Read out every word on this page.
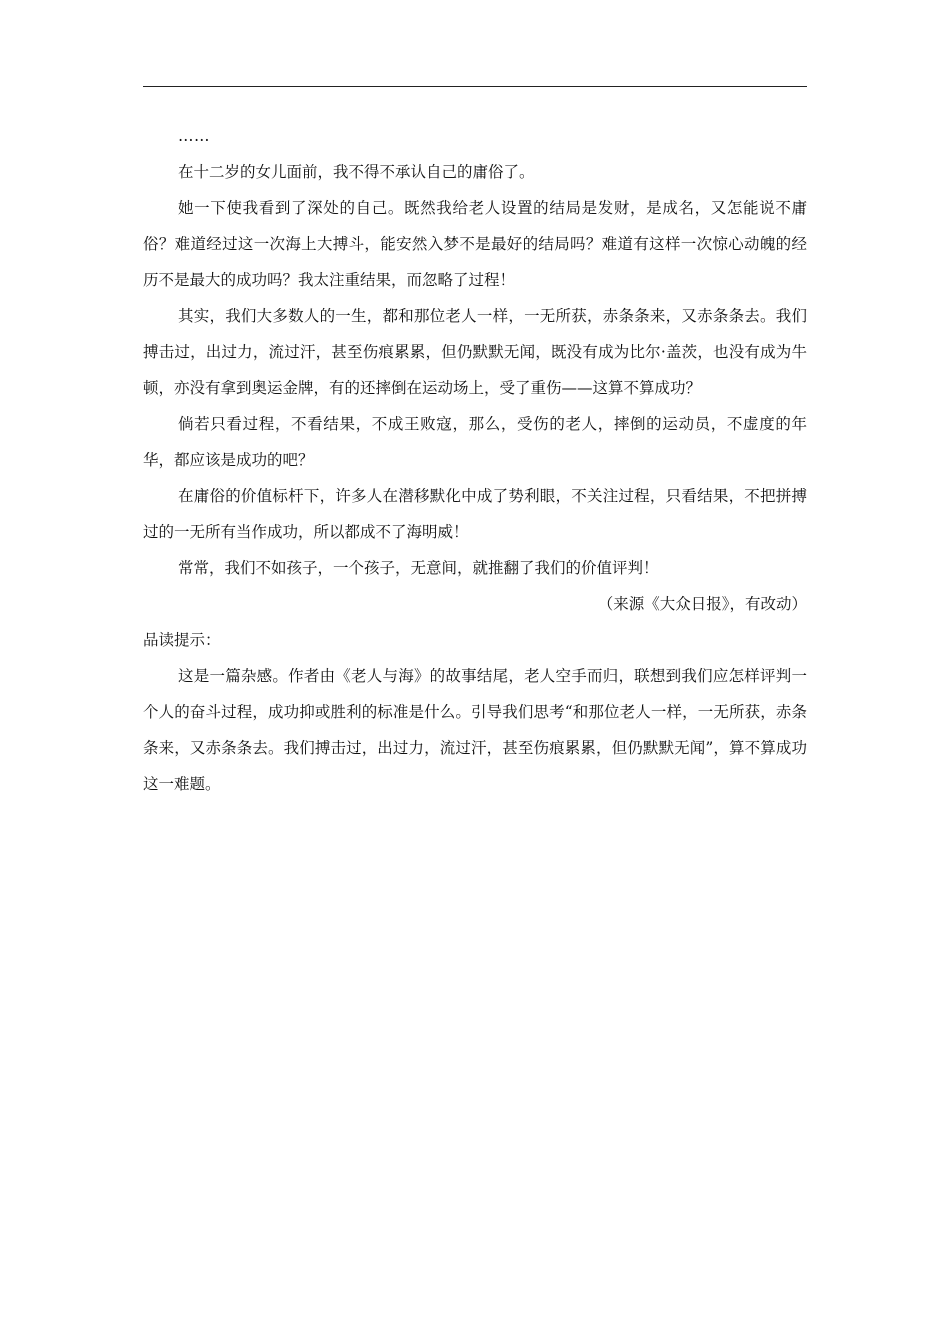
……

在十二岁的女儿面前，我不得不承认自己的庸俗了。

她一下使我看到了深处的自己。既然我给老人设置的结局是发财，是成名，又怎能说不庸俗？难道经过这一次海上大搏斗，能安然入梦不是最好的结局吗？难道有这样一次惊心动魄的经历不是最大的成功吗？我太注重结果，而忽略了过程！

其实，我们大多数人的一生，都和那位老人一样，一无所获，赤条条来，又赤条条去。我们搏击过，出过力，流过汗，甚至伤痕累累，但仍默默无闻，既没有成为比尔·盖茨，也没有成为牛顿，亦没有拿到奥运金牌，有的还摔倒在运动场上，受了重伤——这算不算成功？

倘若只看过程，不看结果，不成王败寇，那么，受伤的老人，摔倒的运动员，不虚度的年华，都应该是成功的吧？

在庸俗的价值标杆下，许多人在潜移默化中成了势利眼，不关注过程，只看结果，不把拼搏过的一无所有当作成功，所以都成不了海明威！

常常，我们不如孩子，一个孩子，无意间，就推翻了我们的价值评判！

（来源《大众日报》，有改动）

品读提示：

这是一篇杂感。作者由《老人与海》的故事结尾，老人空手而归，联想到我们应怎样评判一个人的奋斗过程，成功抑或胜利的标准是什么。引导我们思考“和那位老人一样，一无所获，赤条条来，又赤条条去。我们搏击过，出过力，流过汗，甚至伤痕累累，但仍默默无闻”，算不算成功这一难题。
